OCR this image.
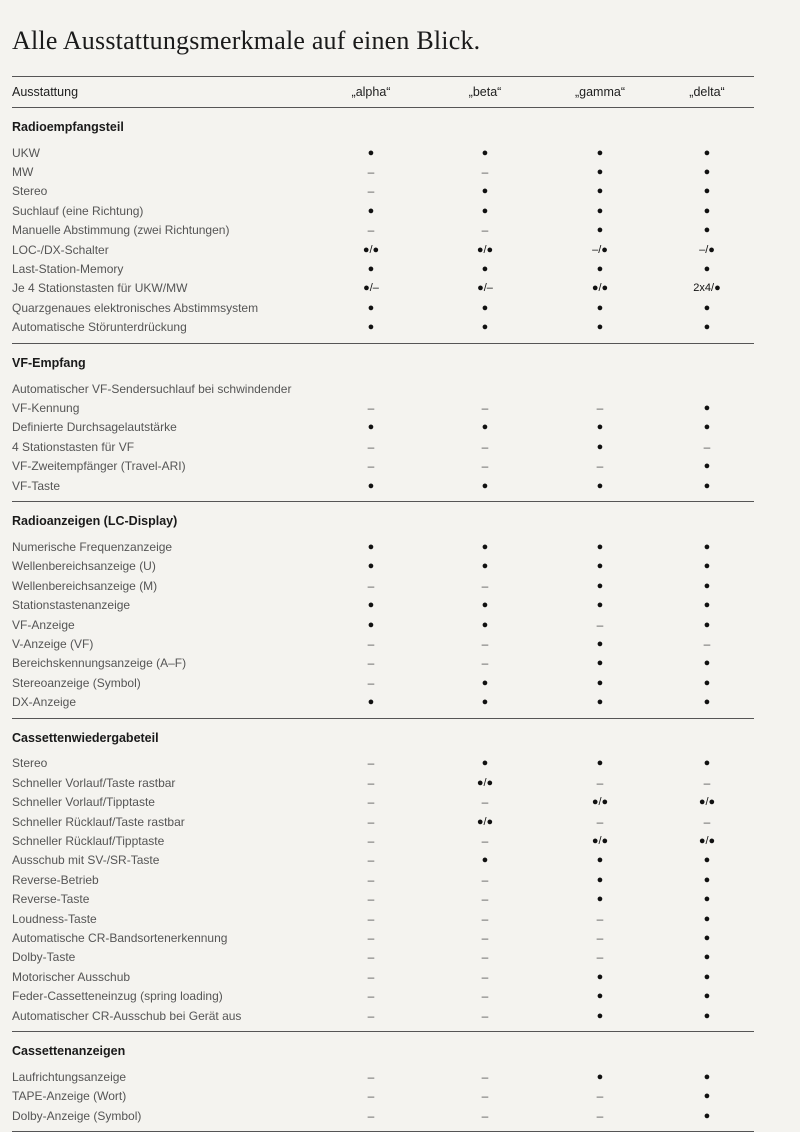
Alle Ausstattungsmerkmale auf einen Blick.
Ausstattung	„alpha“	„beta“	„gamma“	„delta“
Radioempfangsteil
UKW	●	●	●	●
MW	–	–	●	●
Stereo	–	●	●	●
Suchlauf (eine Richtung)	●	●	●	●
Manuelle Abstimmung (zwei Richtungen)	–	–	●	●
LOC-/DX-Schalter	●/●	●/●	–/●	–/●
Last-Station-Memory	●	●	●	●
Je 4 Stationstasten für UKW/MW	●/–	●/–	●/●	2x4/●
Quarzgenaues elektronisches Abstimmsystem	●	●	●	●
Automatische Störunterdrückung	●	●	●	●
VF-Empfang
Automatischer VF-Sendersuchlauf bei schwindender
VF-Kennung	–	–	–	●
Definierte Durchsagelautstärke	●	●	●	●
4 Stationstasten für VF	–	–	●	–
VF-Zweitempfänger (Travel-ARI)	–	–	–	●
VF-Taste	●	●	●	●
Radioanzeigen (LC-Display)
Numerische Frequenzanzeige	●	●	●	●
Wellenbereichsanzeige (U)	●	●	●	●
Wellenbereichsanzeige (M)	–	–	●	●
Stationstastenanzeige	●	●	●	●
VF-Anzeige	●	●	–	●
V-Anzeige (VF)	–	–	●	–
Bereichskennungsanzeige (A–F)	–	–	●	●
Stereoanzeige (Symbol)	–	●	●	●
DX-Anzeige	●	●	●	●
Cassettenwiedergabeteil
Stereo	–	●	●	●
Schneller Vorlauf/Taste rastbar	–	●/●	–	–
Schneller Vorlauf/Tipptaste	–	–	●/●	●/●
Schneller Rücklauf/Taste rastbar	–	●/●	–	–
Schneller Rücklauf/Tipptaste	–	–	●/●	●/●
Ausschub mit SV-/SR-Taste	–	●	●	●
Reverse-Betrieb	–	–	●	●
Reverse-Taste	–	–	●	●
Loudness-Taste	–	–	–	●
Automatische CR-Bandsortenerkennung	–	–	–	●
Dolby-Taste	–	–	–	●
Motorischer Ausschub	–	–	●	●
Feder-Cassetteneinzug (spring loading)	–	–	●	●
Automatischer CR-Ausschub bei Gerät aus	–	–	●	●
Cassettenanzeigen
Laufrichtungsanzeige	–	–	●	●
TAPE-Anzeige (Wort)	–	–	–	●
Dolby-Anzeige (Symbol)	–	–	–	●
